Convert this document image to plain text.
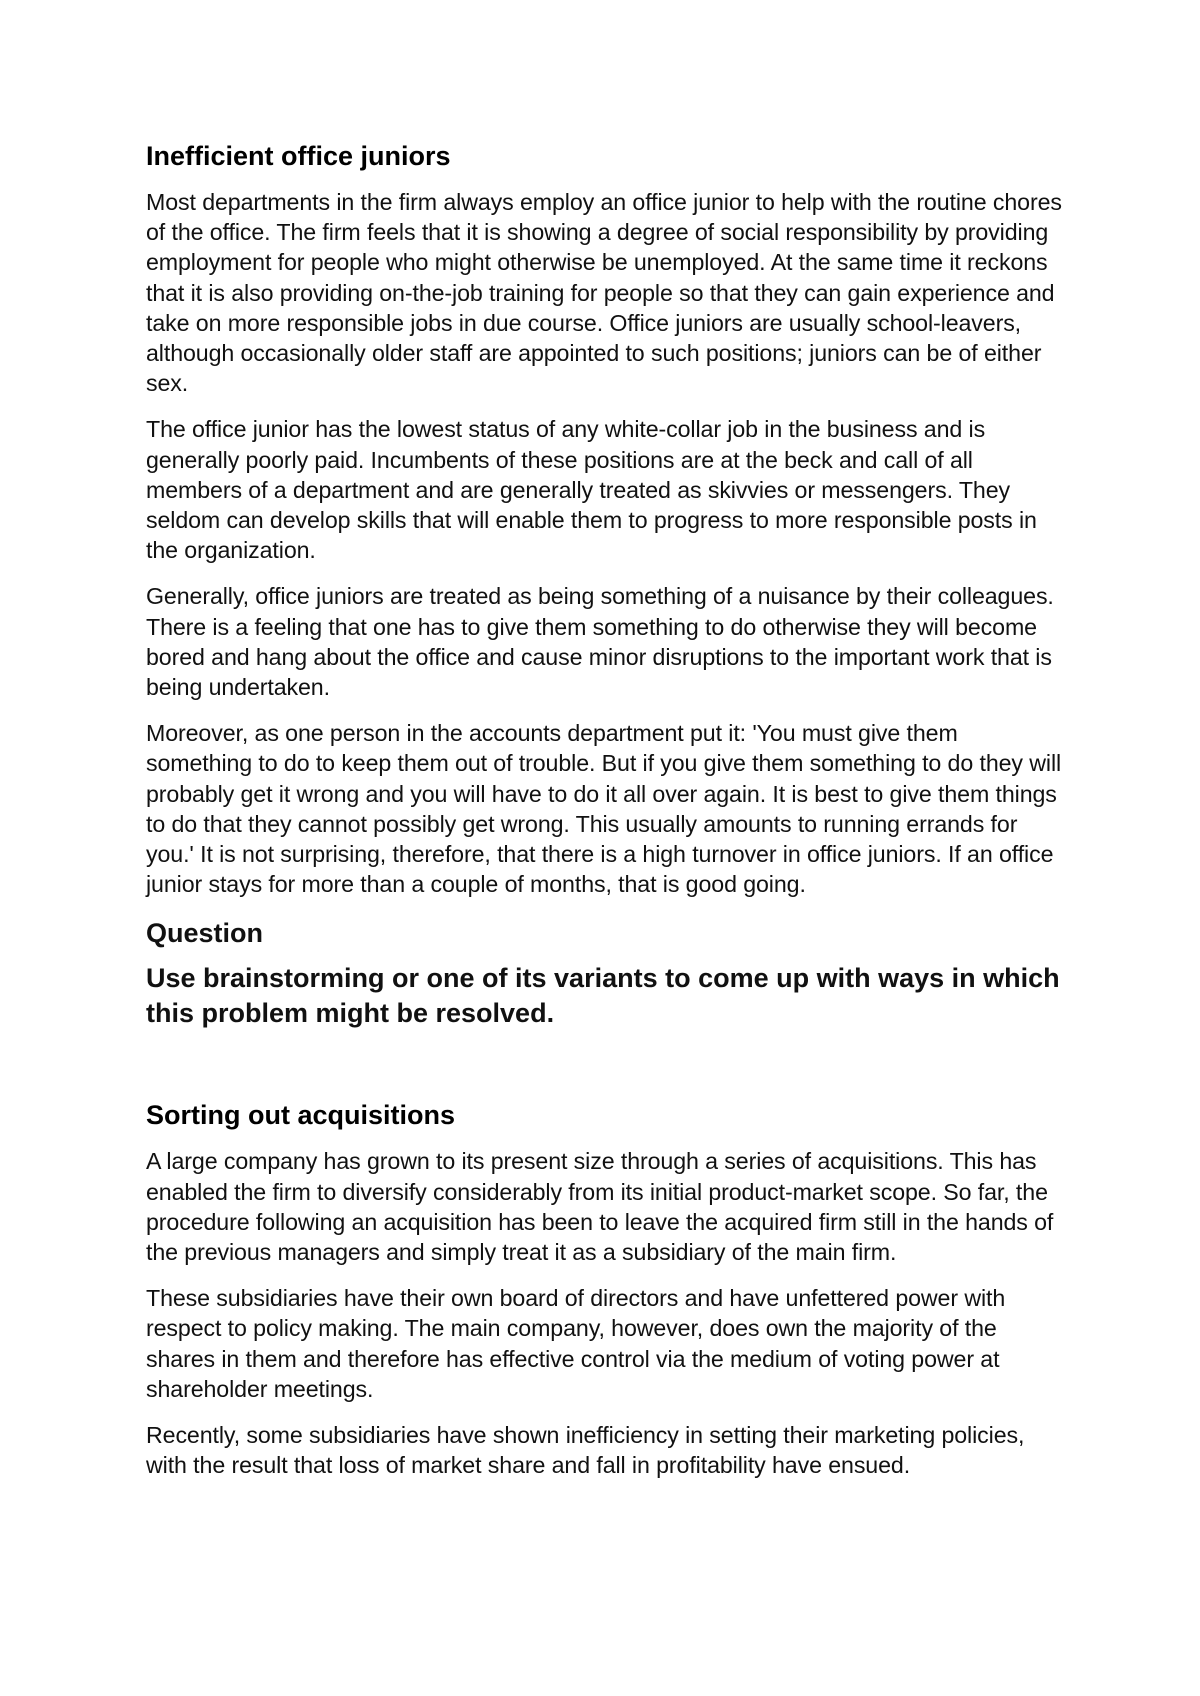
Inefficient office juniors

Most departments in the firm always employ an office junior to help with the routine chores of the office. The firm feels that it is showing a degree of social responsibility by providing employment for people who might otherwise be unemployed. At the same time it reckons that it is also providing on-the-job training for people so that they can gain experience and take on more responsible jobs in due course. Office juniors are usually school-leavers, although occasionally older staff are appointed to such positions; juniors can be of either sex.

The office junior has the lowest status of any white-collar job in the business and is generally poorly paid. Incumbents of these positions are at the beck and call of all members of a department and are generally treated as skivvies or messengers. They seldom can develop skills that will enable them to progress to more responsible posts in the organization.

Generally, office juniors are treated as being something of a nuisance by their colleagues. There is a feeling that one has to give them something to do otherwise they will become bored and hang about the office and cause minor disruptions to the important work that is being undertaken.

Moreover, as one person in the accounts department put it: 'You must give them something to do to keep them out of trouble. But if you give them something to do they will probably get it wrong and you will have to do it all over again. It is best to give them things to do that they cannot possibly get wrong. This usually amounts to running errands for you.' It is not surprising, therefore, that there is a high turnover in office juniors. If an office junior stays for more than a couple of months, that is good going.

Question

Use brainstorming or one of its variants to come up with ways in which this problem might be resolved.

Sorting out acquisitions

A large company has grown to its present size through a series of acquisitions. This has enabled the firm to diversify considerably from its initial product-market scope. So far, the procedure following an acquisition has been to leave the acquired firm still in the hands of the previous managers and simply treat it as a subsidiary of the main firm.

These subsidiaries have their own board of directors and have unfettered power with respect to policy making. The main company, however, does own the majority of the shares in them and therefore has effective control via the medium of voting power at shareholder meetings.

Recently, some subsidiaries have shown inefficiency in setting their marketing policies, with the result that loss of market share and fall in profitability have ensued.
